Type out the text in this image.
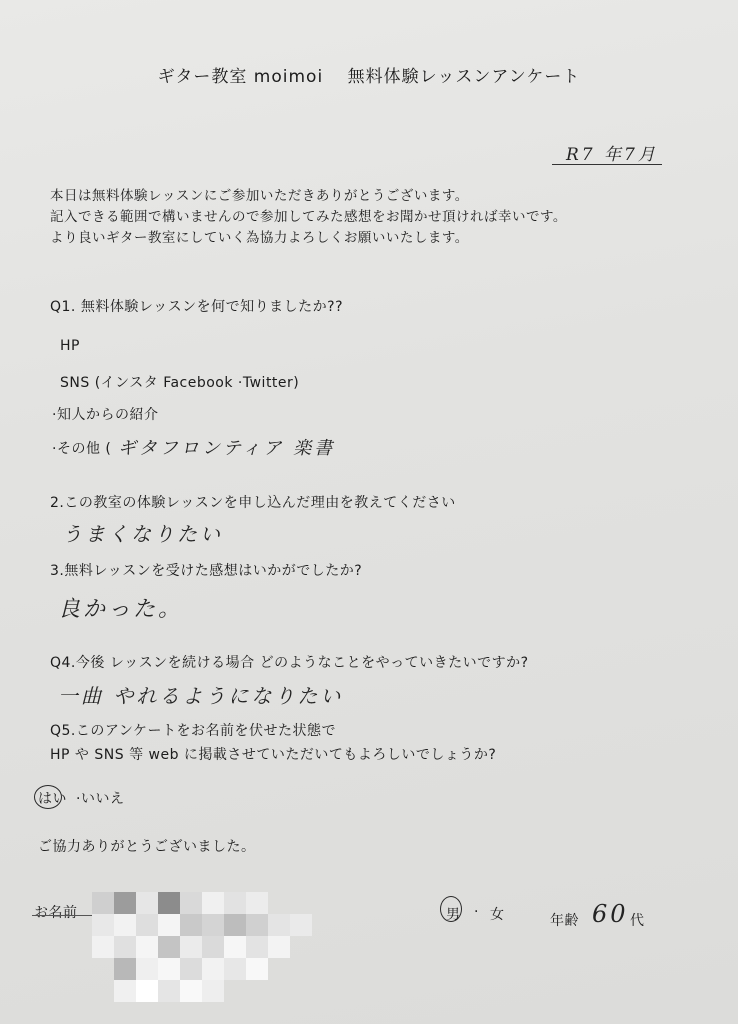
ギター教室 moimoi　 無料体験レッスンアンケート
R7 年7月
本日は無料体験レッスンにご参加いただきありがとうございます。
記入できる範囲で構いませんので参加してみた感想をお聞かせ頂ければ幸いです。
より良いギター教室にしていく為協力よろしくお願いいたします。
Q1. 無料体験レッスンを何で知りましたか??
HP
SNS (インスタ Facebook ·Twitter)
·知人からの紹介
·その他 ( ギタフロンティア 楽書
2.この教室の体験レッスンを申し込んだ理由を教えてください
うまくなりたい
3.無料レッスンを受けた感想はいかがでしたか?
良かった。
Q4.今後 レッスンを続ける場合 どのようなことをやっていきたいですか?
一曲 やれるようになりたい
Q5.このアンケートをお名前を伏せた状態で
HP や SNS 等 web に掲載させていただいてもよろしいでしょうか?
はい ·いいえ
ご協力ありがとうございました。
お名前	男 · 女	年齢 60 代
